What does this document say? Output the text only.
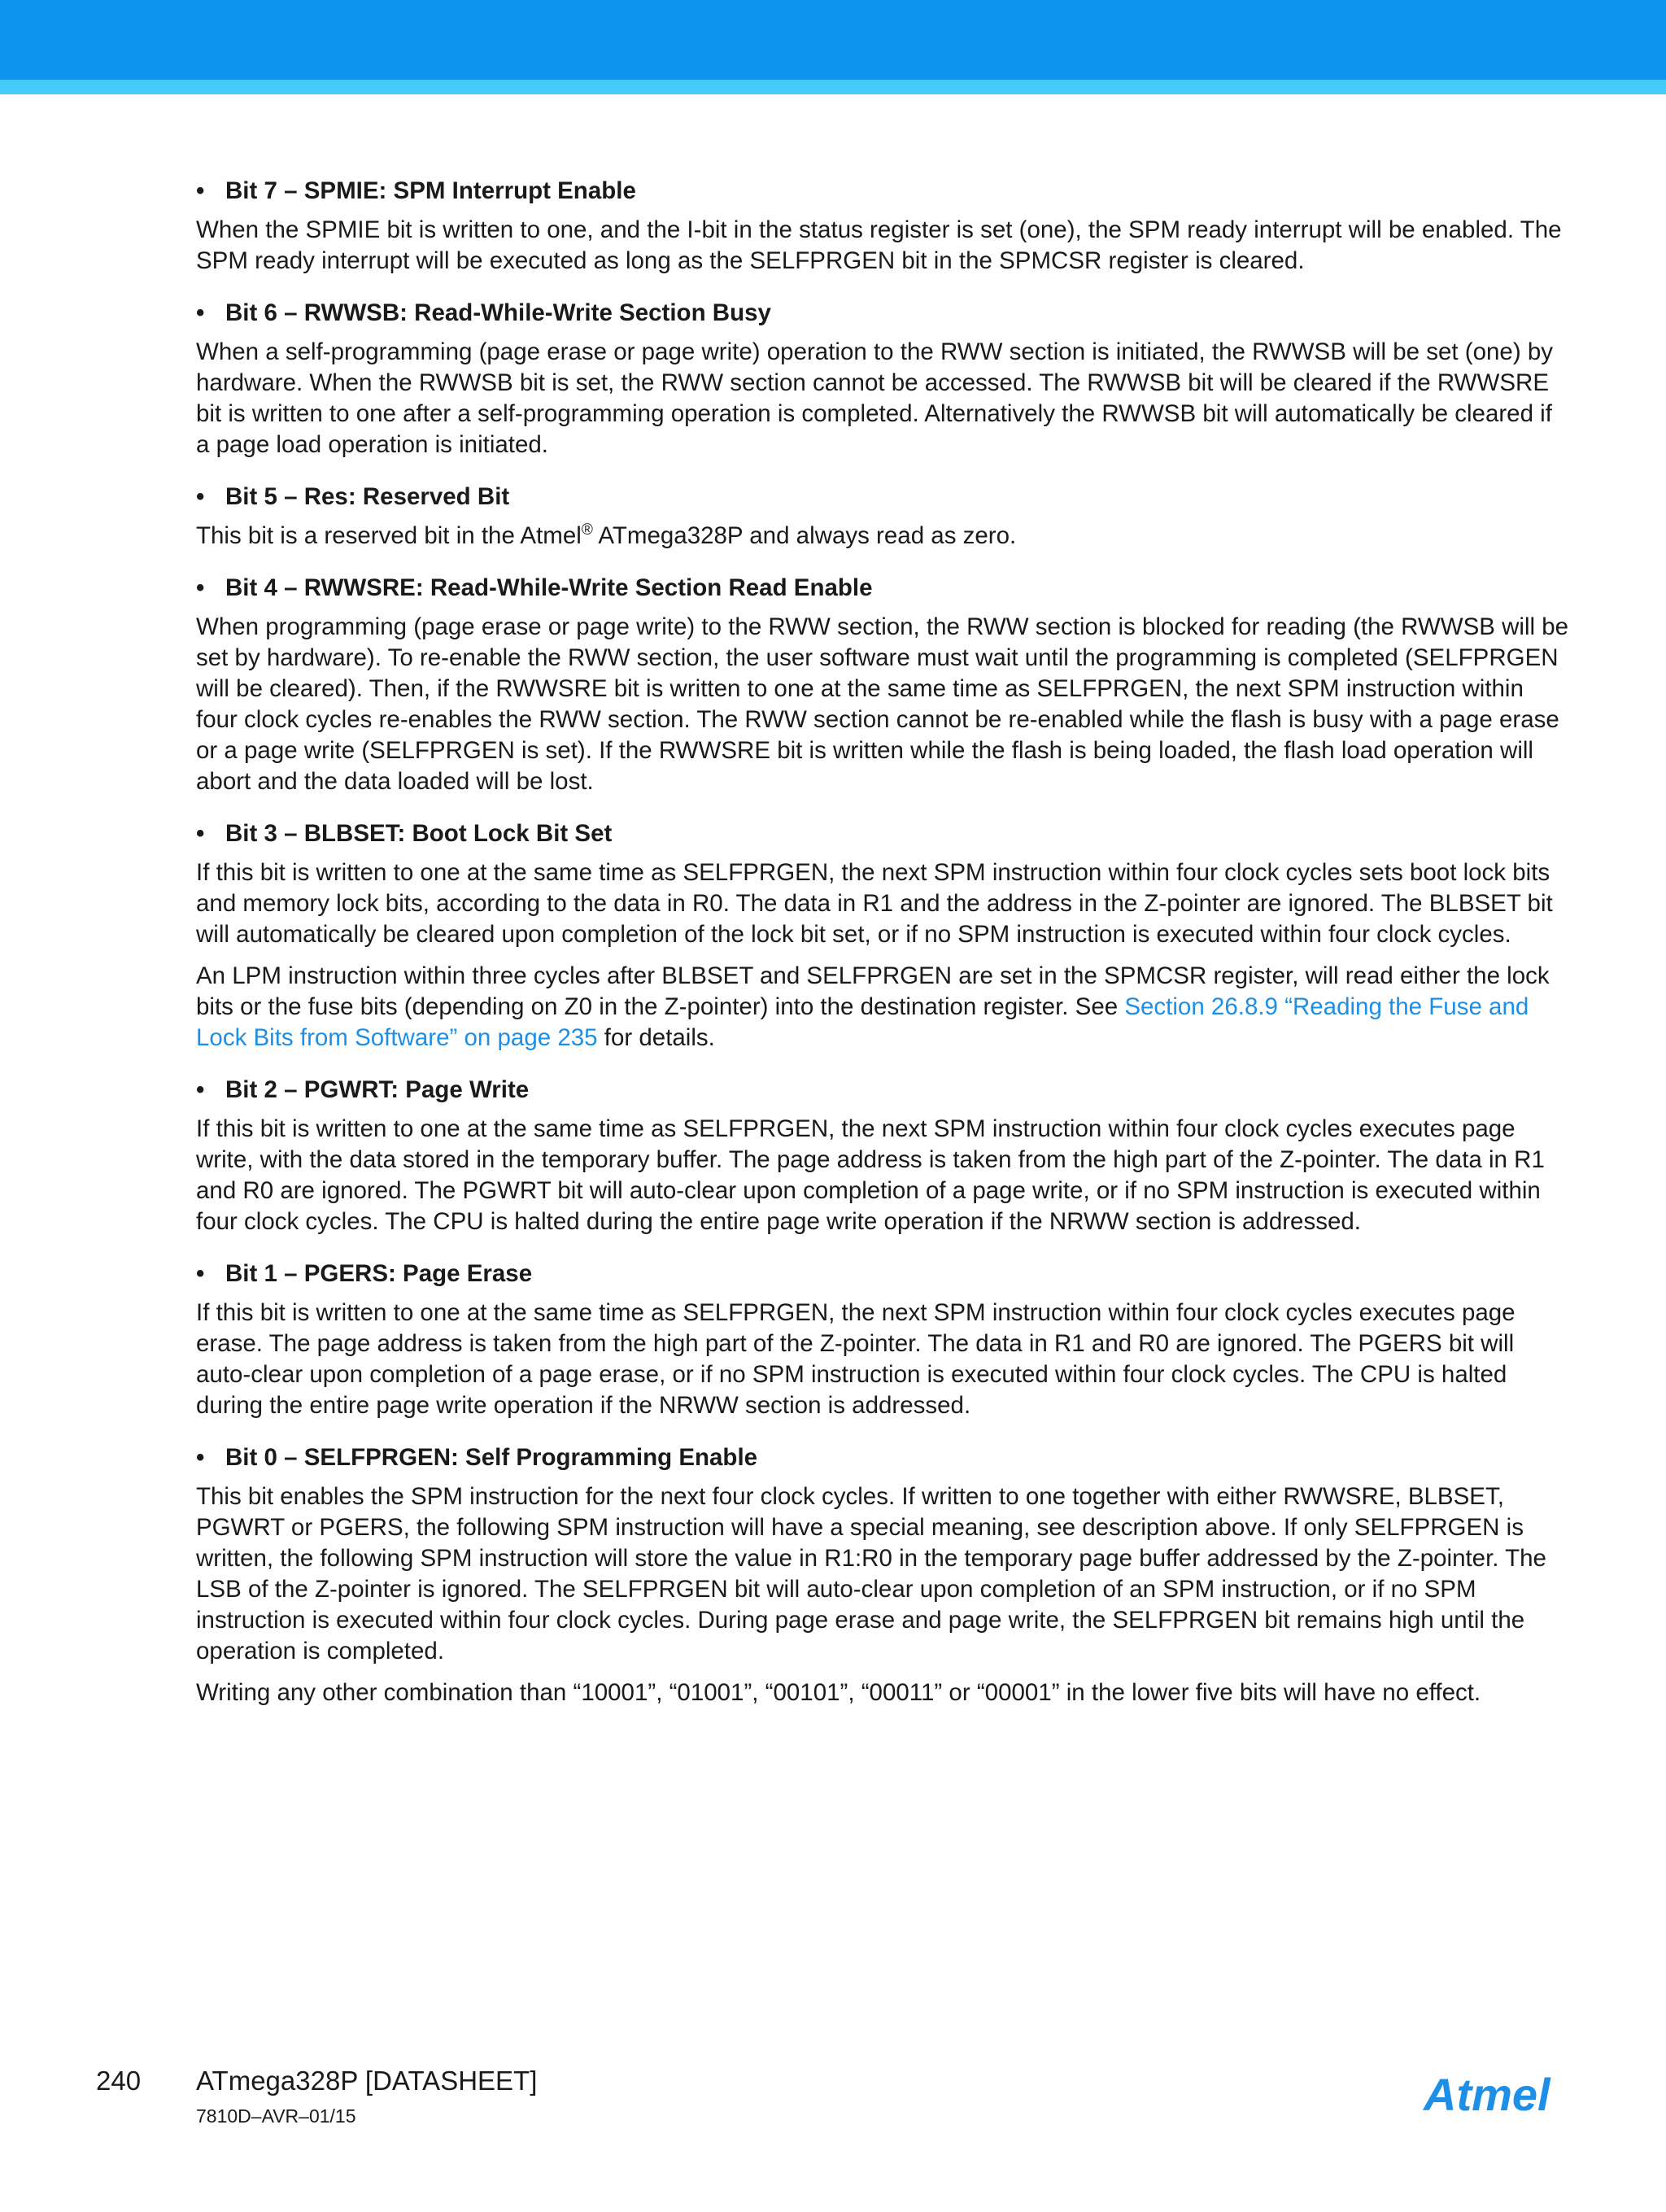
• Bit 7 – SPMIE: SPM Interrupt Enable

When the SPMIE bit is written to one, and the I-bit in the status register is set (one), the SPM ready interrupt will be enabled. The SPM ready interrupt will be executed as long as the SELFPRGEN bit in the SPMCSR register is cleared.

• Bit 6 – RWWSB: Read-While-Write Section Busy

When a self-programming (page erase or page write) operation to the RWW section is initiated, the RWWSB will be set (one) by hardware. When the RWWSB bit is set, the RWW section cannot be accessed. The RWWSB bit will be cleared if the RWWSRE bit is written to one after a self-programming operation is completed. Alternatively the RWWSB bit will automatically be cleared if a page load operation is initiated.

• Bit 5 – Res: Reserved Bit

This bit is a reserved bit in the Atmel® ATmega328P and always read as zero.

• Bit 4 – RWWSRE: Read-While-Write Section Read Enable

When programming (page erase or page write) to the RWW section, the RWW section is blocked for reading (the RWWSB will be set by hardware). To re-enable the RWW section, the user software must wait until the programming is completed (SELFPRGEN will be cleared). Then, if the RWWSRE bit is written to one at the same time as SELFPRGEN, the next SPM instruction within four clock cycles re-enables the RWW section. The RWW section cannot be re-enabled while the flash is busy with a page erase or a page write (SELFPRGEN is set). If the RWWSRE bit is written while the flash is being loaded, the flash load operation will abort and the data loaded will be lost.

• Bit 3 – BLBSET: Boot Lock Bit Set

If this bit is written to one at the same time as SELFPRGEN, the next SPM instruction within four clock cycles sets boot lock bits and memory lock bits, according to the data in R0. The data in R1 and the address in the Z-pointer are ignored. The BLBSET bit will automatically be cleared upon completion of the lock bit set, or if no SPM instruction is executed within four clock cycles.

An LPM instruction within three cycles after BLBSET and SELFPRGEN are set in the SPMCSR register, will read either the lock bits or the fuse bits (depending on Z0 in the Z-pointer) into the destination register. See Section 26.8.9 “Reading the Fuse and Lock Bits from Software” on page 235 for details.

• Bit 2 – PGWRT: Page Write

If this bit is written to one at the same time as SELFPRGEN, the next SPM instruction within four clock cycles executes page write, with the data stored in the temporary buffer. The page address is taken from the high part of the Z-pointer. The data in R1 and R0 are ignored. The PGWRT bit will auto-clear upon completion of a page write, or if no SPM instruction is executed within four clock cycles. The CPU is halted during the entire page write operation if the NRWW section is addressed.

• Bit 1 – PGERS: Page Erase

If this bit is written to one at the same time as SELFPRGEN, the next SPM instruction within four clock cycles executes page erase. The page address is taken from the high part of the Z-pointer. The data in R1 and R0 are ignored. The PGERS bit will auto-clear upon completion of a page erase, or if no SPM instruction is executed within four clock cycles. The CPU is halted during the entire page write operation if the NRWW section is addressed.

• Bit 0 – SELFPRGEN: Self Programming Enable

This bit enables the SPM instruction for the next four clock cycles. If written to one together with either RWWSRE, BLBSET, PGWRT or PGERS, the following SPM instruction will have a special meaning, see description above. If only SELFPRGEN is written, the following SPM instruction will store the value in R1:R0 in the temporary page buffer addressed by the Z-pointer. The LSB of the Z-pointer is ignored. The SELFPRGEN bit will auto-clear upon completion of an SPM instruction, or if no SPM instruction is executed within four clock cycles. During page erase and page write, the SELFPRGEN bit remains high until the operation is completed.

Writing any other combination than “10001”, “01001”, “00101”, “00011” or “00001” in the lower five bits will have no effect.

240 ATmega328P [DATASHEET]
7810D–AVR–01/15	Atmel
